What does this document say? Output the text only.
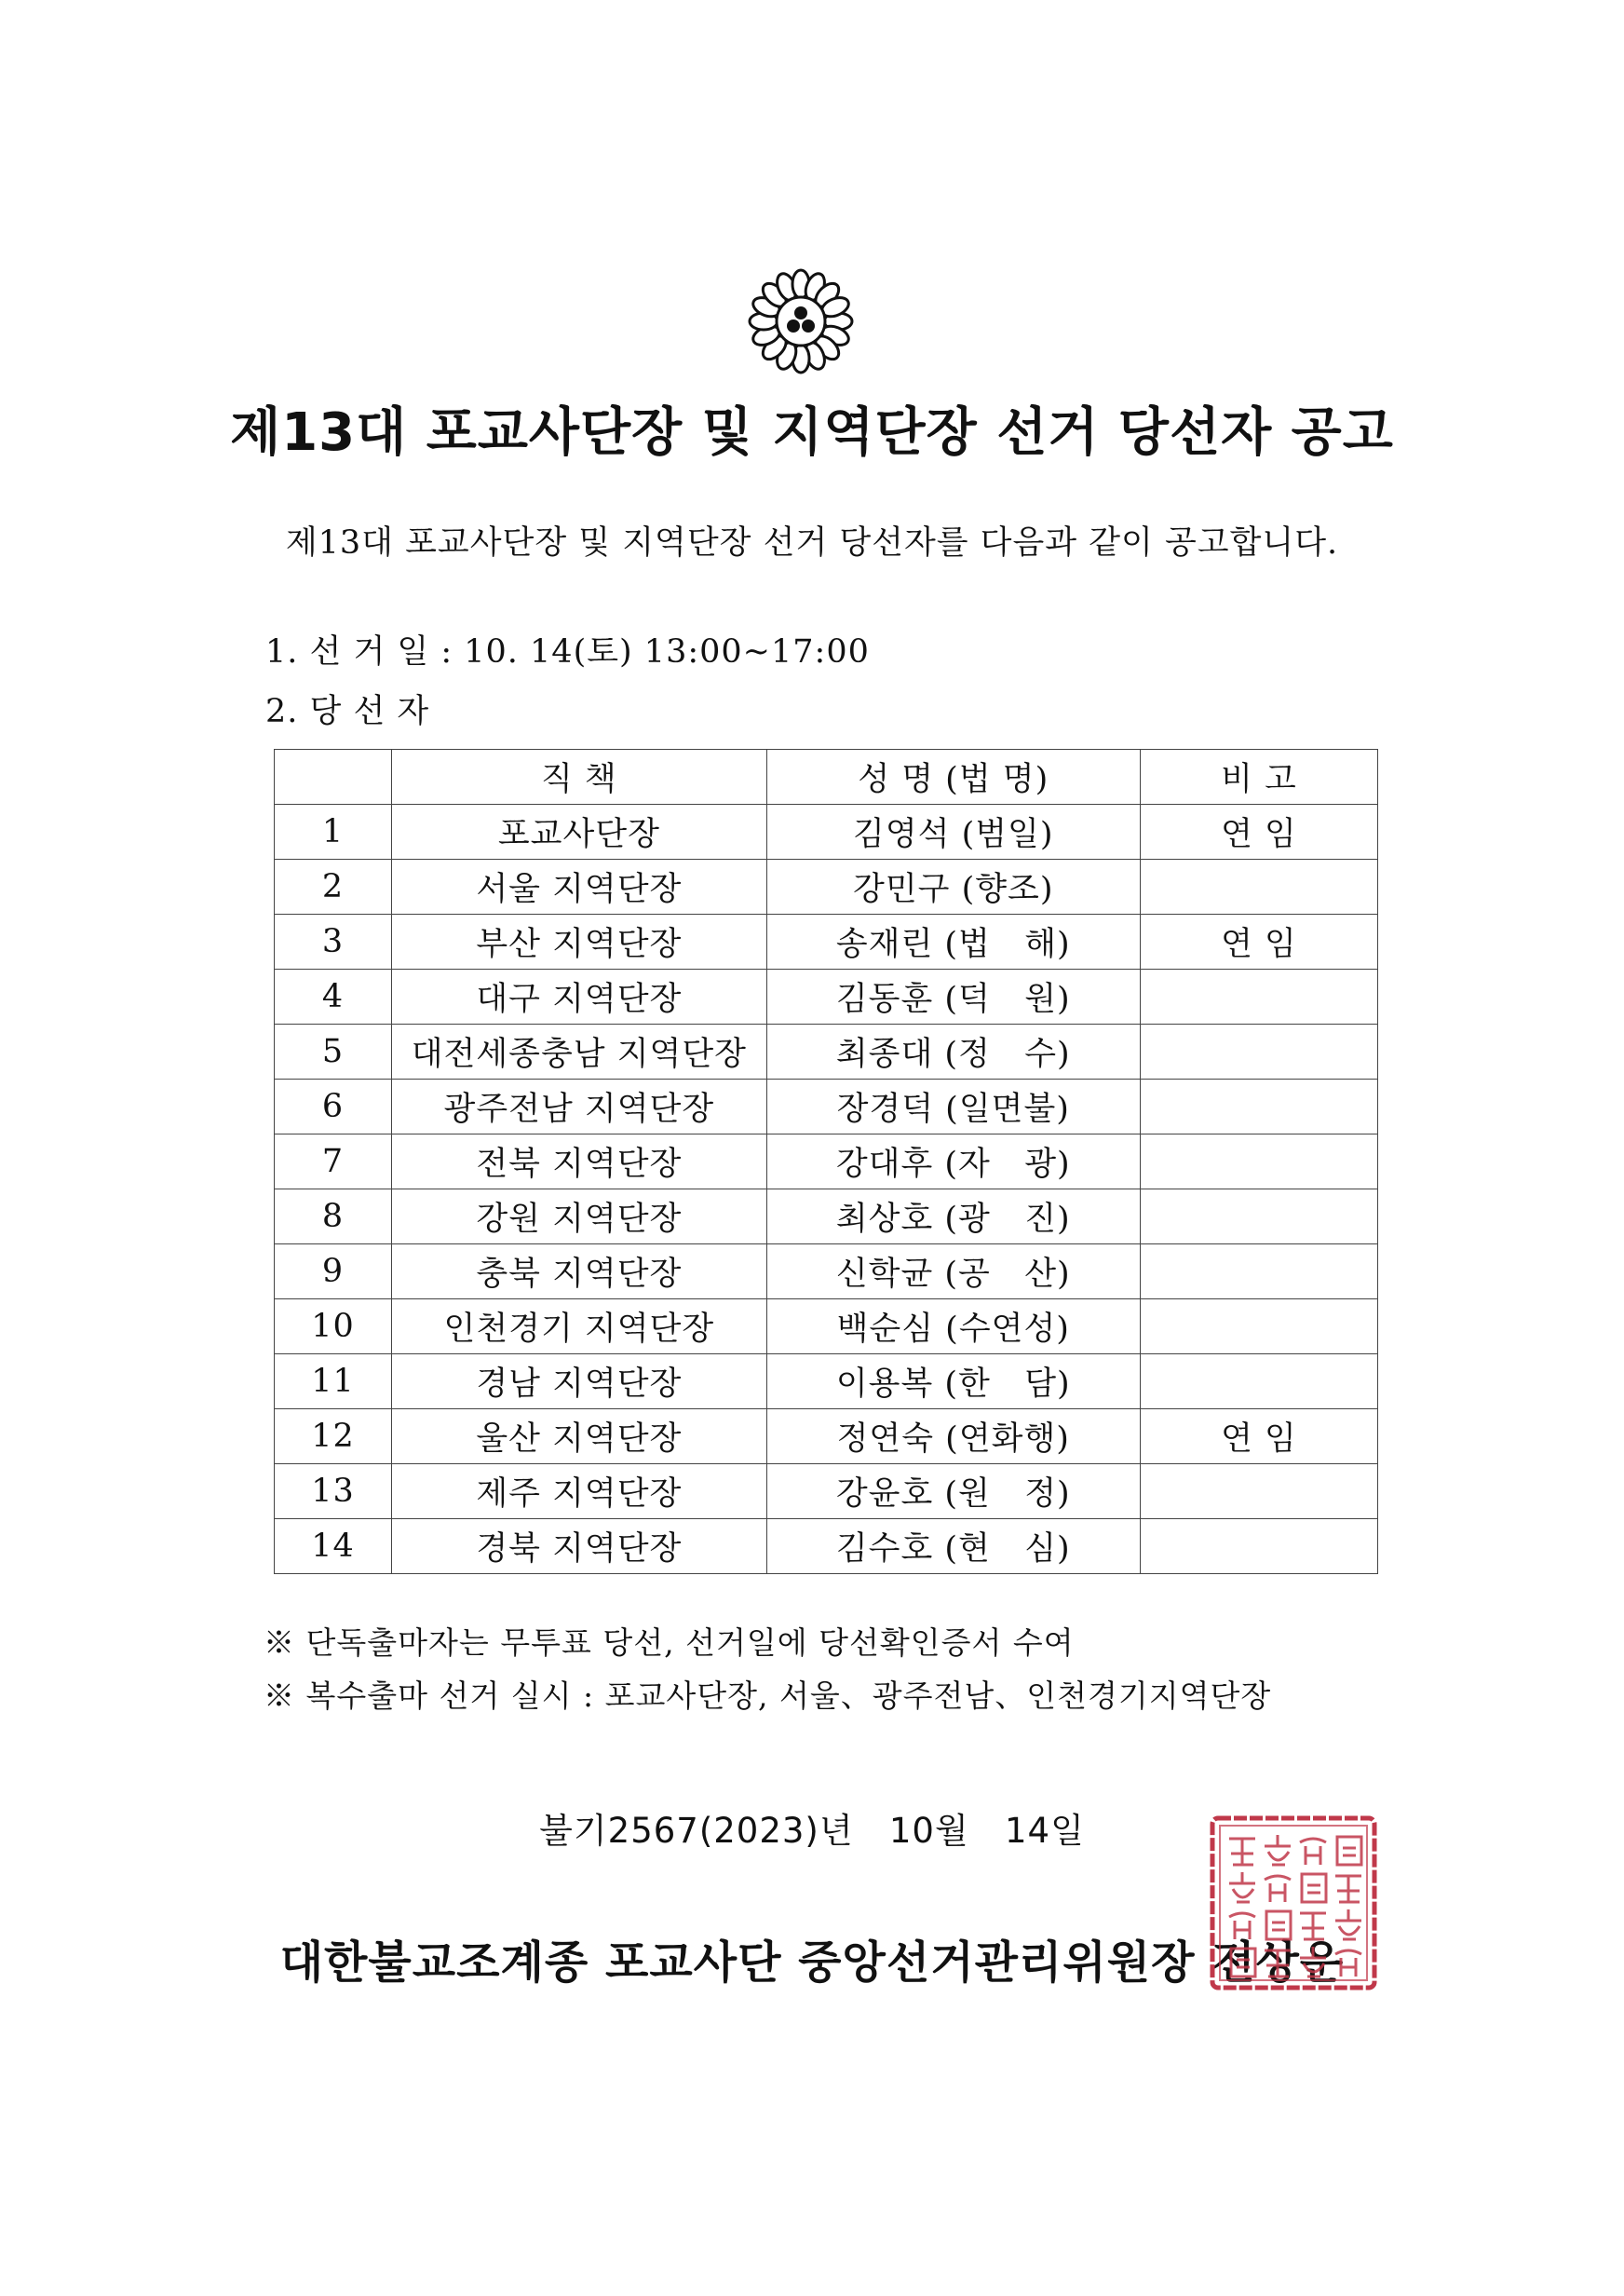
제13대 포교사단장 및 지역단장 선거 당선자 공고
제13대 포교사단장 및 지역단장 선거 당선자를 다음과 같이 공고합니다.
1. 선 거 일 : 10. 14(토) 13:00~17:00
2. 당 선 자
	직 책	성 명 (법 명)	비 고
1	포교사단장	김영석 (범일)	연 임
2	서울 지역단장	강민구 (향조)	
3	부산 지역단장	송재린 (법   해)	연 임
4	대구 지역단장	김동훈 (덕   원)	
5	대전세종충남 지역단장	최종대 (정   수)	
6	광주전남 지역단장	장경덕 (일면불)	
7	전북 지역단장	강대후 (자   광)	
8	강원 지역단장	최상호 (광   진)	
9	충북 지역단장	신학균 (공   산)	
10	인천경기 지역단장	백순심 (수연성)	
11	경남 지역단장	이용복 (한   담)	
12	울산 지역단장	정연숙 (연화행)	연 임
13	제주 지역단장	강윤호 (원   정)	
14	경북 지역단장	김수호 (현   심)	
※ 단독출마자는 무투표 당선, 선거일에 당선확인증서 수여
※ 복수출마 선거 실시 : 포교사단장, 서울、광주전남、인천경기지역단장
불기2567(2023)년   10월   14일
대한불교조계종 포교사단 중앙선거관리위원장 전상운
